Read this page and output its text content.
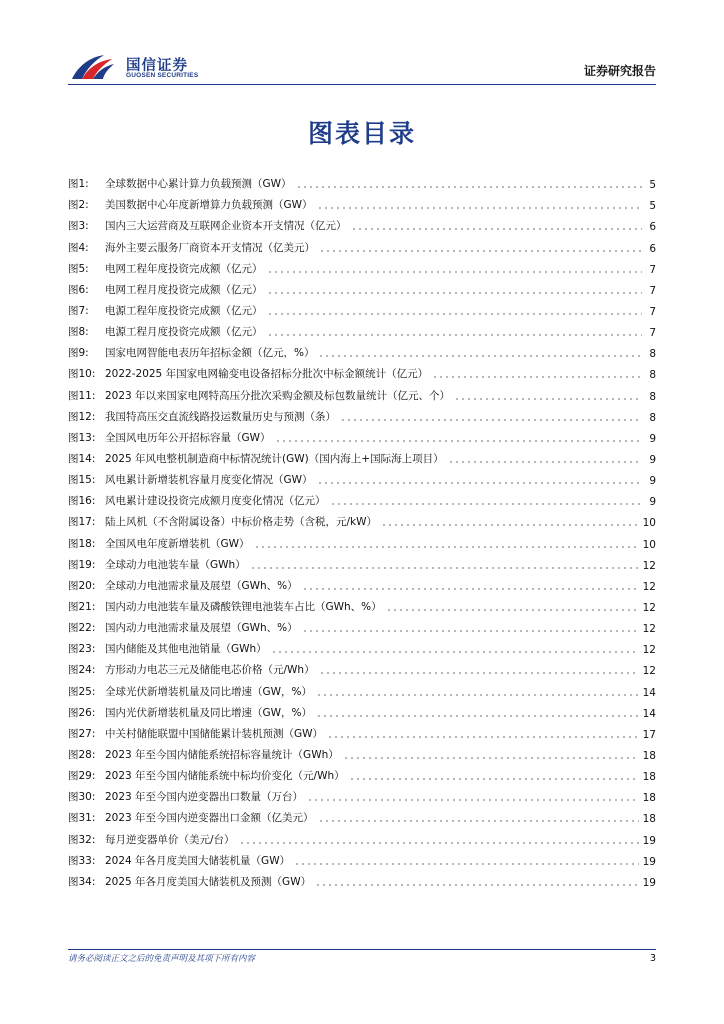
国信证券
GUOSEN SECURITIES	证券研究报告
图表目录
图1:	全球数据中心累计算力负载预测（GW）	5
图2:	美国数据中心年度新增算力负载预测（GW）	5
图3:	国内三大运营商及互联网企业资本开支情况（亿元）	6
图4:	海外主要云服务厂商资本开支情况（亿美元）	6
图5:	电网工程年度投资完成额（亿元）	7
图6:	电网工程月度投资完成额（亿元）	7
图7:	电源工程年度投资完成额（亿元）	7
图8:	电源工程月度投资完成额（亿元）	7
图9:	国家电网智能电表历年招标金额（亿元，%）	8
图10: 2022-2025 年国家电网输变电设备招标分批次中标金额统计（亿元）	8
图11: 2023 年以来国家电网特高压分批次采购金额及标包数量统计（亿元、个）	8
图12: 我国特高压交直流线路投运数量历史与预测（条）	8
图13: 全国风电历年公开招标容量（GW）	9
图14: 2025 年风电整机制造商中标情况统计(GW)（国内海上+国际海上项目）	9
图15: 风电累计新增装机容量月度变化情况（GW）	9
图16: 风电累计建设投资完成额月度变化情况（亿元）	9
图17: 陆上风机（不含附属设备）中标价格走势（含税，元/kW）	10
图18: 全国风电年度新增装机（GW）	10
图19: 全球动力电池装车量（GWh）	12
图20: 全球动力电池需求量及展望（GWh、%）	12
图21: 国内动力电池装车量及磷酸铁锂电池装车占比（GWh、%）	12
图22: 国内动力电池需求量及展望（GWh、%）	12
图23: 国内储能及其他电池销量（GWh）	12
图24: 方形动力电芯三元及储能电芯价格（元/Wh）	12
图25: 全球光伏新增装机量及同比增速（GW，%）	14
图26: 国内光伏新增装机量及同比增速（GW，%）	14
图27: 中关村储能联盟中国储能累计装机预测（GW）	17
图28: 2023 年至今国内储能系统招标容量统计（GWh）	18
图29: 2023 年至今国内储能系统中标均价变化（元/Wh）	18
图30: 2023 年至今国内逆变器出口数量（万台）	18
图31: 2023 年至今国内逆变器出口金额（亿美元）	18
图32: 每月逆变器单价（美元/台）	19
图33: 2024 年各月度美国大储装机量（GW）	19
图34: 2025 年各月度美国大储装机及预测（GW）	19
请务必阅读正文之后的免责声明及其项下所有内容	3
